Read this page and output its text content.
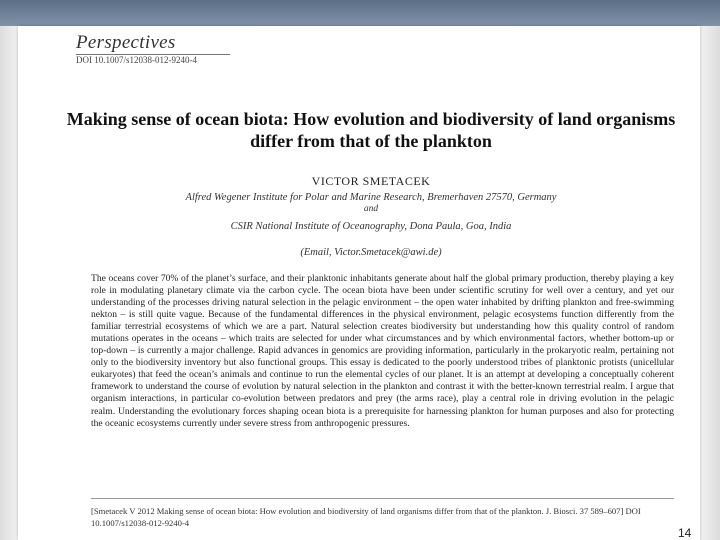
Perspectives
DOI 10.1007/s12038-012-9240-4
Making sense of ocean biota: How evolution and biodiversity of land organisms differ from that of the plankton
VICTOR SMETACEK
Alfred Wegener Institute for Polar and Marine Research, Bremerhaven 27570, Germany
and
CSIR National Institute of Oceanography, Dona Paula, Goa, India
(Email, Victor.Smetacek@awi.de)
The oceans cover 70% of the planet’s surface, and their planktonic inhabitants generate about half the global primary production, thereby playing a key role in modulating planetary climate via the carbon cycle. The ocean biota have been under scientific scrutiny for well over a century, and yet our understanding of the processes driving natural selection in the pelagic environment – the open water inhabited by drifting plankton and free-swimming nekton – is still quite vague. Because of the fundamental differences in the physical environment, pelagic ecosystems function differently from the familiar terrestrial ecosystems of which we are a part. Natural selection creates biodiversity but understanding how this quality control of random mutations operates in the oceans – which traits are selected for under what circumstances and by which environmental factors, whether bottom-up or top-down – is currently a major challenge. Rapid advances in genomics are providing information, particularly in the prokaryotic realm, pertaining not only to the biodiversity inventory but also functional groups. This essay is dedicated to the poorly understood tribes of planktonic protists (unicellular eukaryotes) that feed the ocean’s animals and continue to run the elemental cycles of our planet. It is an attempt at developing a conceptually coherent framework to understand the course of evolution by natural selection in the plankton and contrast it with the better-known terrestrial realm. I argue that organism interactions, in particular co-evolution between predators and prey (the arms race), play a central role in driving evolution in the pelagic realm. Understanding the evolutionary forces shaping ocean biota is a prerequisite for harnessing plankton for human purposes and also for protecting the oceanic ecosystems currently under severe stress from anthropogenic pressures.
[Smetacek V 2012 Making sense of ocean biota: How evolution and biodiversity of land organisms differ from that of the plankton. J. Biosci. 37 589–607] DOI 10.1007/s12038-012-9240-4
14
